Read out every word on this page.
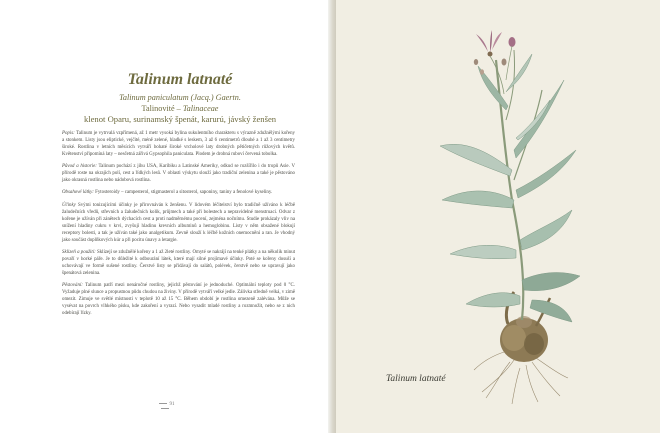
Talinum latnaté
Talinum paniculatum (Jacq.) Gaertn.
Talinovité – Talinaceae
klenot Oparu, surinamský špenát, karurú, jávský ženšen

Popis: Talinum je vytrvalá vzpřímená, až 1 metr vysoká bylina sukulentního charakteru s výrazně zdužnělými kořeny a stonkem. Listy jsou eliptické, vejčité, méně zelené, hladké s leskem, 3 až 6 centimetrů dlouhé a 1 až 3 centimetry široké. Rostlina v letních měsících vytváří bohaté široké vrcholové laty drobných pětičetných růžových květů. Květenství připomíná laty – nesčetná zářivá Gypsophila paniculata. Plodem je drobná ruboví červená tobolka.

Původ a historie: Talinum pochází z jihu USA, Karibiku a Latinské Ameriky, odkud se rozšířilo i do tropů Asie. V přírodě roste na okrajích polí, cest a řídkých lesů. V oblasti výskytu slouží jako tradiční zelenina a také je pěstováno jako okrasná rostlina nebo nádobová rostlina.

Obsahové látky: Fytosteroidy – campesterol, stigmasterol a sitosterol, saponiny, taniny a fenolové kyseliny.

Účinky Svými tonizujícími účinky je přirovnáván k ženšenu. V lidovém léčitelství bylo tradičně užíváno k léčbě žaludečních vředů, střevních a žaludečních kolik, průjmech a také při bolestech a nepravidelné menstruaci. Odvar z kořene je užíván při zánětech dýchacích cest a proti nadměrnému pocení, zejména nočnímu. Studie prokázaly vliv na snížení hladiny cukru v krvi, zvyšují hladinu krevních albuminů a hemoglobinu. Listy v něm obsažené blokují receptory bolesti, a tak je užíván také jako analgetikum. Zevně slouží k léčbě kožních onemocnění a ran. Je vhodný jako součást doplňkových kúr a při pocitu únavy a letargie.

Sklizeň a použití: Sklízejí se zdužnělé kořeny a 1 až 2leté rostliny. Omyté se nakrájí na tenké plátky a na několik minut povaří v horké páře. Je to důležité k odbourání látek, které mají silné projímavé účinky. Poté se kořeny dosuší a uchovávají ve formě sušené rostliny. Čerstvé listy se přidávají do salátů, polévek, čerstvě nebo se upravují jako špenátová zelenina.

Pěstování: Talinum patří mezi nenáročné rostliny, jejichž pěstování je jednoduché. Optimální teploty pod 0 °C. Vyžaduje plné slunce a propustnou půdu chudou na živiny. V přírodě vytváří velké jedle. Zálivka středně velká, v zimě omezit. Zimuje ve světlé místnosti v teplotě 10 až 15 °C. Během období je rostlina omezeně zalévána. Může se vysévat na povrch vlhkého písku, kde zakoření a vyrazí. Nebo vysadit mladé rostliny a rozmnožit, nebo se z nich odebírají řízky.

91
Talinum latnaté
